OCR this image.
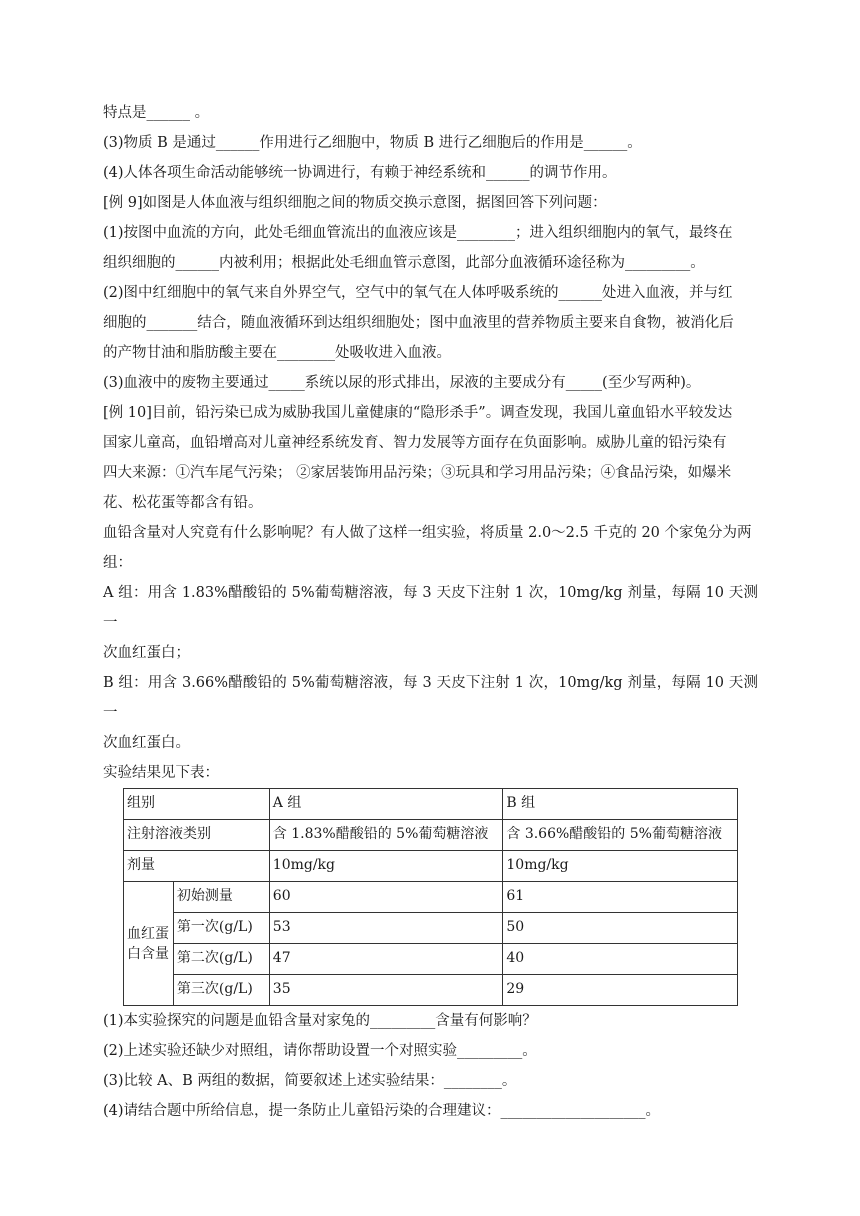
特点是______ 。

(3)物质 B 是通过______作用进行乙细胞中，物质 B 进行乙细胞后的作用是______。

(4)人体各项生命活动能够统一协调进行，有赖于神经系统和______的调节作用。

[例 9]如图是人体血液与组织细胞之间的物质交换示意图，据图回答下列问题：

(1)按图中血流的方向，此处毛细血管流出的血液应该是________；进入组织细胞内的氧气，最终在

组织细胞的______内被利用；根据此处毛细血管示意图，此部分血液循环途径称为_________。

(2)图中红细胞中的氧气来自外界空气，空气中的氧气在人体呼吸系统的______处进入血液，并与红

细胞的_______结合，随血液循环到达组织细胞处；图中血液里的营养物质主要来自食物，被消化后

的产物甘油和脂肪酸主要在________处吸收进入血液。

(3)血液中的废物主要通过_____系统以尿的形式排出，尿液的主要成分有_____(至少写两种)。

[例 10]目前，铅污染已成为威胁我国儿童健康的“隐形杀手”。调查发现，我国儿童血铅水平较发达

国家儿童高，血铅增高对儿童神经系统发育、智力发展等方面存在负面影响。威胁儿童的铅污染有

四大来源：①汽车尾气污染； ②家居装饰用品污染；③玩具和学习用品污染；④食品污染，如爆米

花、松花蛋等都含有铅。

血铅含量对人究竟有什么影响呢？有人做了这样一组实验，将质量 2.0～2.5 千克的 20 个家兔分为两

组：

A 组：用含 1.83%醋酸铅的 5%葡萄糖溶液，每 3 天皮下注射 1 次，10mg/kg 剂量，每隔 10 天测一

次血红蛋白；

B 组：用含 3.66%醋酸铅的 5%葡萄糖溶液，每 3 天皮下注射 1 次，10mg/kg 剂量，每隔 10 天测一

次血红蛋白。

实验结果见下表：

组别		A 组	B 组
注射溶液类别		含 1.83%醋酸铅的 5%葡萄糖溶液	含 3.66%醋酸铅的 5%葡萄糖溶液
剂量		10mg/kg	10mg/kg

血红蛋
白含量	初始测量	60	61
	第一次(g/L)	53	50
	第二次(g/L)	47	40
	第三次(g/L)	35	29

(1)本实验探究的问题是血铅含量对家兔的_________含量有何影响？

(2)上述实验还缺少对照组，请你帮助设置一个对照实验_________。

(3)比较 A、B 两组的数据，简要叙述上述实验结果：________。

(4)请结合题中所给信息，提一条防止儿童铅污染的合理建议：____________________。
